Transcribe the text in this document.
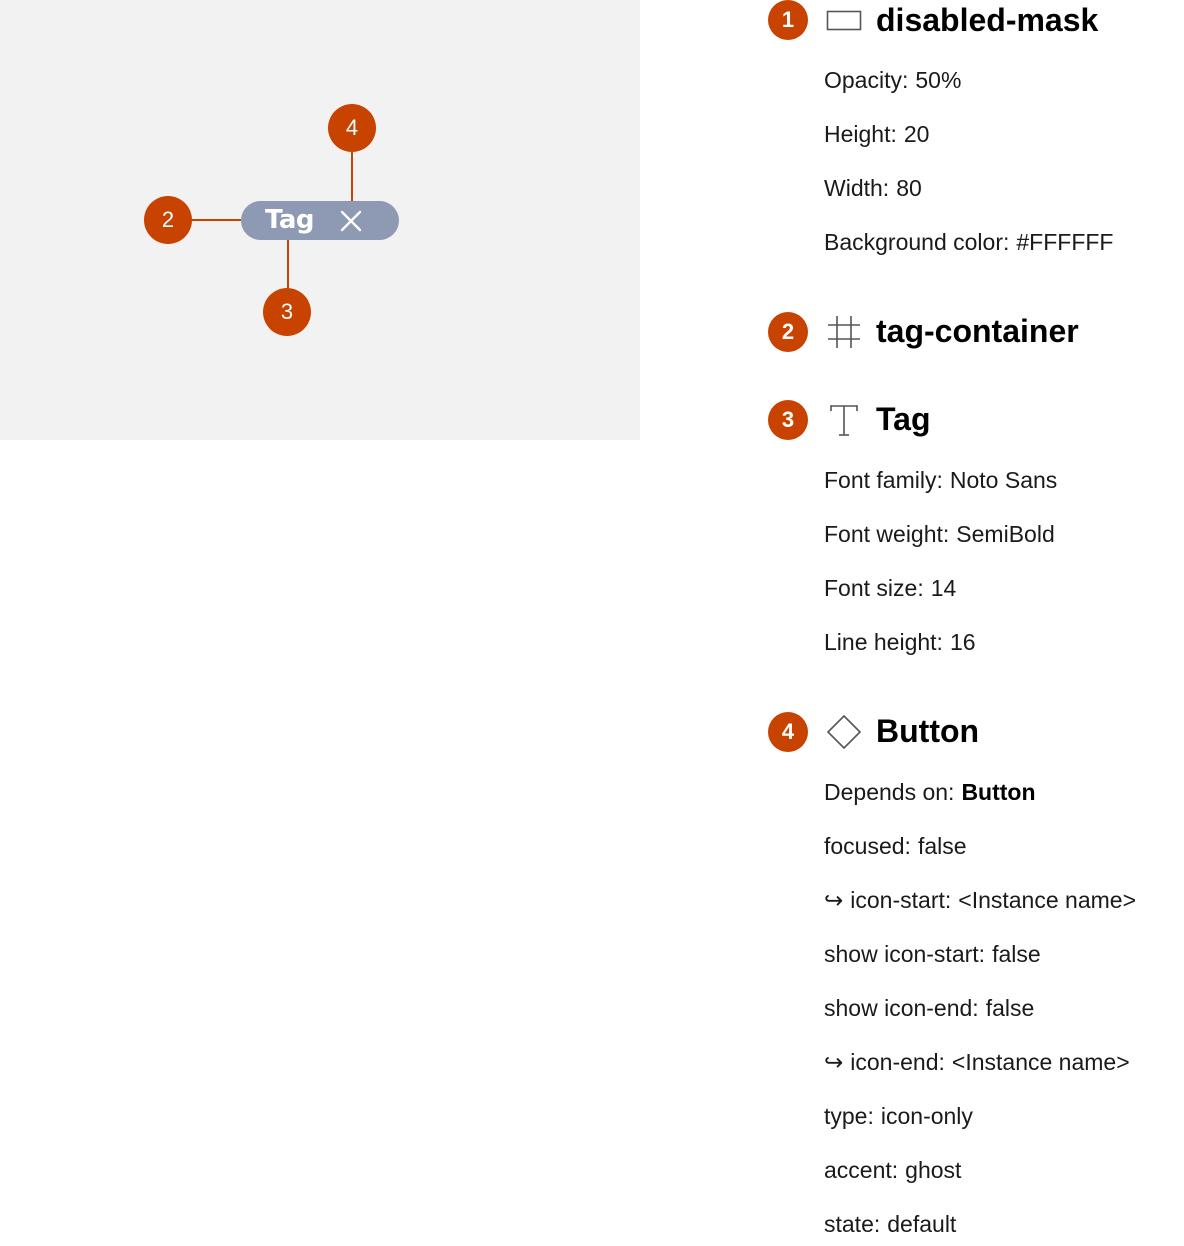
Tag
2
3
4
1	disabled-mask
Opacity: 50%
Height: 20
Width: 80
Background color: #FFFFFF
2	tag-container
3	Tag
Font family: Noto Sans
Font weight: SemiBold
Font size: 14
Line height: 16
4	Button
Depends on: Button
focused: false
↪ icon-start: <Instance name>
show icon-start: false
show icon-end: false
↪ icon-end: <Instance name>
type: icon-only
accent: ghost
state: default
